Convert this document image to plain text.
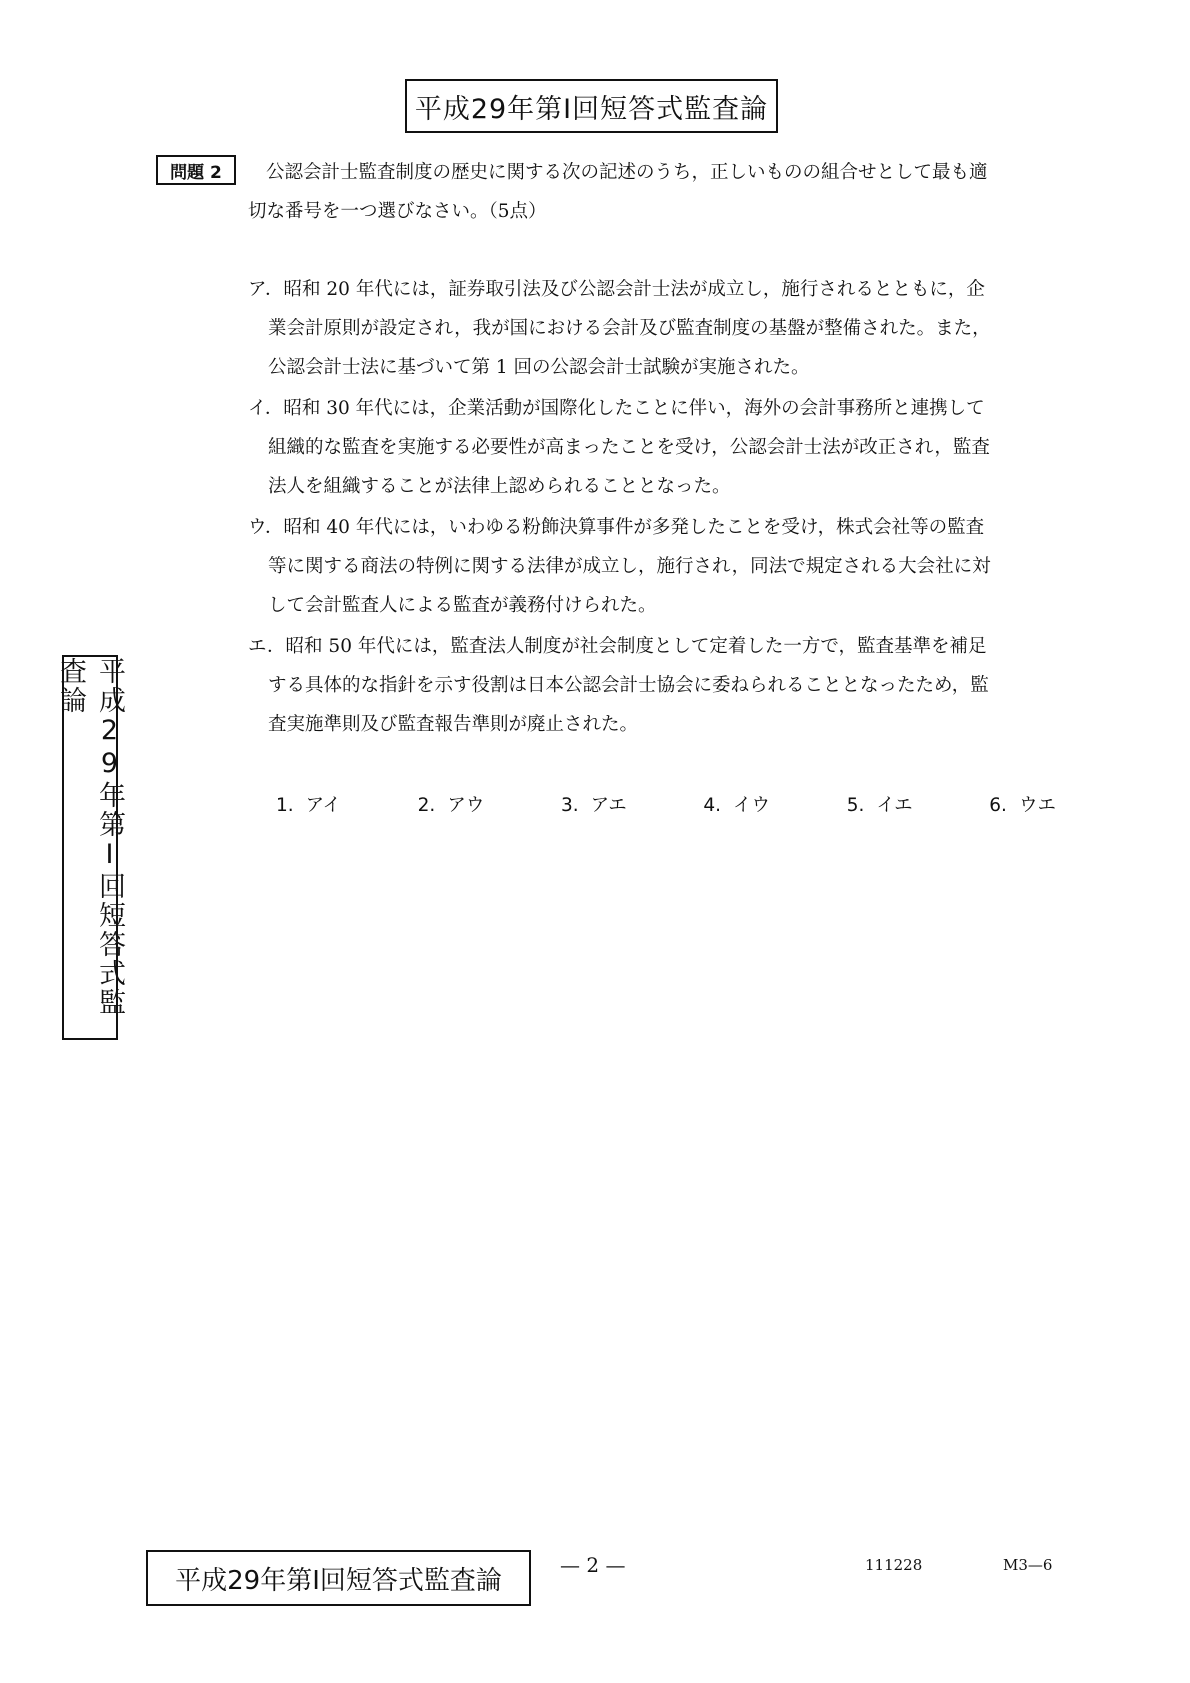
平成29年第Ⅰ回短答式監査論
問題 2	公認会計士監査制度の歴史に関する次の記述のうち，正しいものの組合せとして最も適
切な番号を一つ選びなさい。（5点）
ア．昭和 20 年代には，証券取引法及び公認会計士法が成立し，施行されるとともに，企
業会計原則が設定され，我が国における会計及び監査制度の基盤が整備された。また，
公認会計士法に基づいて第 1 回の公認会計士試験が実施された。
イ．昭和 30 年代には，企業活動が国際化したことに伴い，海外の会計事務所と連携して
組織的な監査を実施する必要性が高まったことを受け，公認会計士法が改正され，監査
法人を組織することが法律上認められることとなった。
ウ．昭和 40 年代には，いわゆる粉飾決算事件が多発したことを受け，株式会社等の監査
等に関する商法の特例に関する法律が成立し，施行され，同法で規定される大会社に対
して会計監査人による監査が義務付けられた。
エ．昭和 50 年代には，監査法人制度が社会制度として定着した一方で，監査基準を補足
する具体的な指針を示す役割は日本公認会計士協会に委ねられることとなったため，監
査実施準則及び監査報告準則が廃止された。
1. アイ	2. アウ	3. アエ	4. イウ	5. イエ	6. ウエ
平成29年第Ⅰ回短答式監査論
平成29年第Ⅰ回短答式監査論
— 2 —	111228	M3—6
